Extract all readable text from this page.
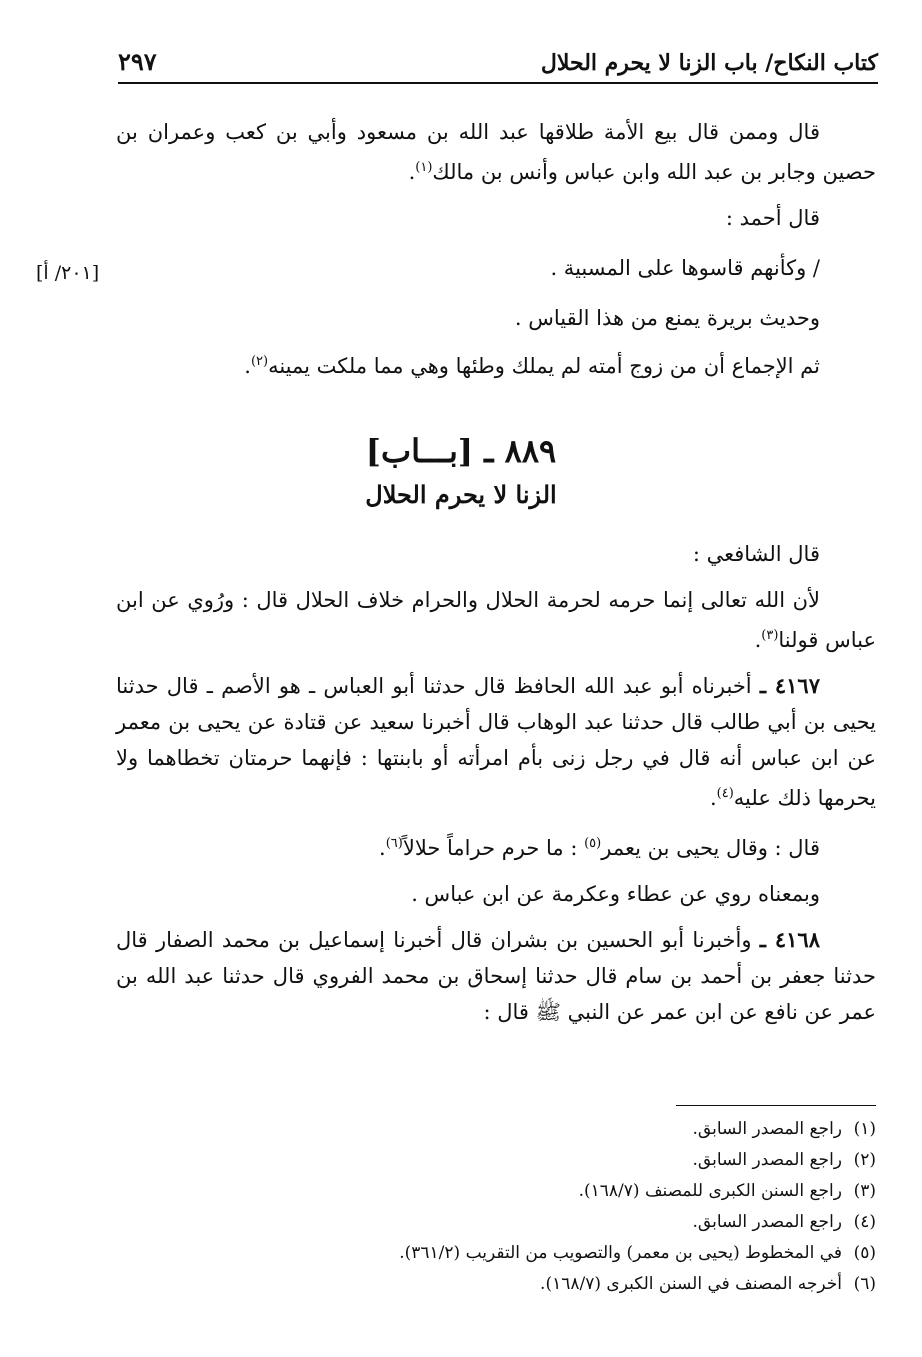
٢٩٧	كتاب النكاح/ باب الزنا لا يحرم الحلال
[٢٠١/ أ]

قال وممن قال بيع الأمة طلاقها عبد الله بن مسعود وأبي بن كعب وعمران بن حصين وجابر بن عبد الله وابن عباس وأنس بن مالك$^{(١)}$.

قال أحمد :

/ وكأنهم قاسوها على المسبية .

وحديث بريرة يمنع من هذا القياس .

ثم الإجماع أن من زوج أمته لم يملك وطئها وهي مما ملكت يمينه$^{(٢)}$.

٨٨٩ ـ [بـــاب]
الزنا لا يحرم الحلال

قال الشافعي :

لأن الله تعالى إنما حرمه لحرمة الحلال والحرام خلاف الحلال قال : ورُوي عن ابن عباس قولنا$^{(٣)}$.

٤١٦٧ ـ أخبرناه أبو عبد الله الحافظ قال حدثنا أبو العباس ـ هو الأصم ـ قال حدثنا يحيى بن أبي طالب قال حدثنا عبد الوهاب قال أخبرنا سعيد عن قتادة عن يحيى بن معمر عن ابن عباس أنه قال في رجل زنى بأم امرأته أو بابنتها : فإنهما حرمتان تخطاهما ولا يحرمها ذلك عليه$^{(٤)}$.

قال : وقال يحيى بن يعمر$^{(٥)}$ : ما حرم حراماً حلالاً$^{(٦)}$.

وبمعناه روي عن عطاء وعكرمة عن ابن عباس .

٤١٦٨ ـ وأخبرنا أبو الحسين بن بشران قال أخبرنا إسماعيل بن محمد الصفار قال حدثنا جعفر بن أحمد بن سام قال حدثنا إسحاق بن محمد الفروي قال حدثنا عبد الله بن عمر عن نافع عن ابن عمر عن النبي ﷺ قال :

(١)راجع المصدر السابق.
(٢)راجع المصدر السابق.
(٣)راجع السنن الكبرى للمصنف (١٦٨/٧).
(٤)راجع المصدر السابق.
(٥)في المخطوط (يحيى بن معمر) والتصويب من التقريب (٣٦١/٢).
(٦)أخرجه المصنف في السنن الكبرى (١٦٨/٧).
